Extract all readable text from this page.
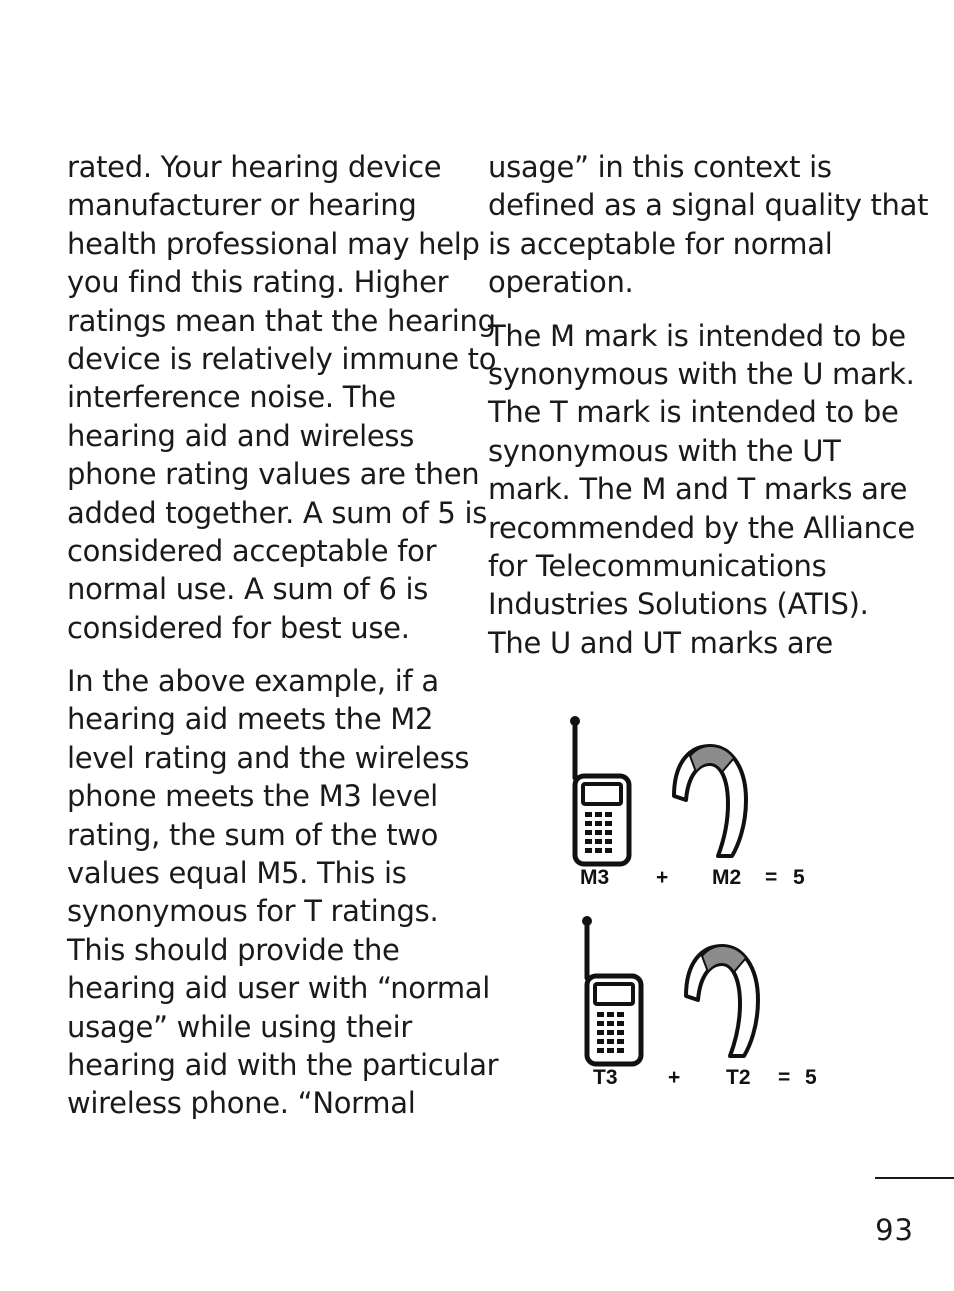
rated. Your hearing device
manufacturer or hearing
health professional may help
you find this rating. Higher
ratings mean that the hearing
device is relatively immune to
interference noise. The
hearing aid and wireless
phone rating values are then
added together. A sum of 5 is
considered acceptable for
normal use. A sum of 6 is
considered for best use.
In the above example, if a
hearing aid meets the M2
level rating and the wireless
phone meets the M3 level
rating, the sum of the two
values equal M5. This is
synonymous for T ratings.
This should provide the
hearing aid user with “normal
usage” while using their
hearing aid with the particular
wireless phone. “Normal
usage” in this context is
defined as a signal quality that
is acceptable for normal
operation.
The M mark is intended to be
synonymous with the U mark.
The T mark is intended to be
synonymous with the UT
mark. The M and T marks are
recommended by the Alliance
for Telecommunications
Industries Solutions (ATIS).
The U and UT marks are
M3 + M2 = 5
T3 + T2 = 5
93
